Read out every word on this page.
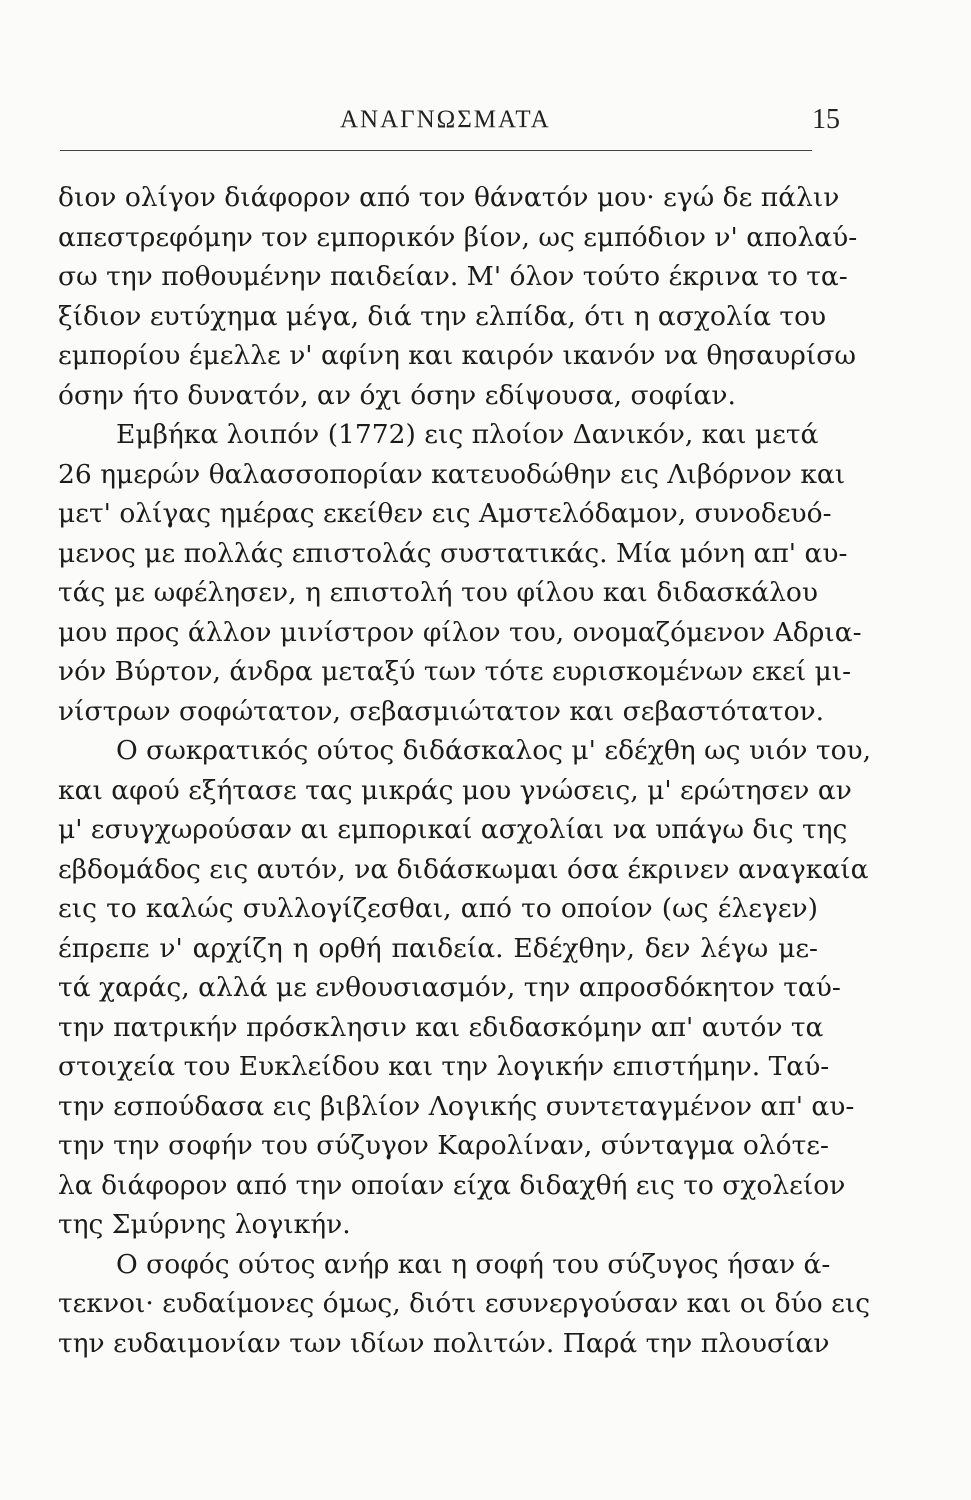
ΑΝΑΓΝΩΣΜΑΤΑ	15
διον ολίγον διάφορον από τον θάνατόν μου· εγώ δε πάλιν
απεστρεφόμην τον εμπορικόν βίον, ως εμπόδιον ν' απολαύ-
σω την ποθουμένην παιδείαν. Μ' όλον τούτο έκρινα το τα-
ξίδιον ευτύχημα μέγα, διά την ελπίδα, ότι η ασχολία του
εμπορίου έμελλε ν' αφίνη και καιρόν ικανόν να θησαυρίσω
όσην ήτο δυνατόν, αν όχι όσην εδίψουσα, σοφίαν.
Εμβήκα λοιπόν (1772) εις πλοίον Δανικόν, και μετά
26 ημερών θαλασσοπορίαν κατευοδώθην εις Λιβόρνον και
μετ' ολίγας ημέρας εκείθεν εις Αμστελόδαμον, συνοδευό-
μενος με πολλάς επιστολάς συστατικάς. Μία μόνη απ' αυ-
τάς με ωφέλησεν, η επιστολή του φίλου και διδασκάλου
μου προς άλλον μινίστρον φίλον του, ονομαζόμενον Αδρια-
νόν Βύρτον, άνδρα μεταξύ των τότε ευρισκομένων εκεί μι-
νίστρων σοφώτατον, σεβασμιώτατον και σεβαστότατον.
Ο σωκρατικός ούτος διδάσκαλος μ' εδέχθη ως υιόν του,
και αφού εξήτασε τας μικράς μου γνώσεις, μ' ερώτησεν αν
μ' εσυγχωρούσαν αι εμπορικαί ασχολίαι να υπάγω δις της
εβδομάδος εις αυτόν, να διδάσκωμαι όσα έκρινεν αναγκαία
εις το καλώς συλλογίζεσθαι, από το οποίον (ως έλεγεν)
έπρεπε ν' αρχίζη η ορθή παιδεία. Εδέχθην, δεν λέγω με-
τά χαράς, αλλά με ενθουσιασμόν, την απροσδόκητον ταύ-
την πατρικήν πρόσκλησιν και εδιδασκόμην απ' αυτόν τα
στοιχεία του Ευκλείδου και την λογικήν επιστήμην. Ταύ-
την εσπούδασα εις βιβλίον Λογικής συντεταγμένον απ' αυ-
την την σοφήν του σύζυγον Καρολίναν, σύνταγμα ολότε-
λα διάφορον από την οποίαν είχα διδαχθή εις το σχολείον
της Σμύρνης λογικήν.
Ο σοφός ούτος ανήρ και η σοφή του σύζυγος ήσαν ά-
τεκνοι· ευδαίμονες όμως, διότι εσυνεργούσαν και οι δύο εις
την ευδαιμονίαν των ιδίων πολιτών. Παρά την πλουσίαν
